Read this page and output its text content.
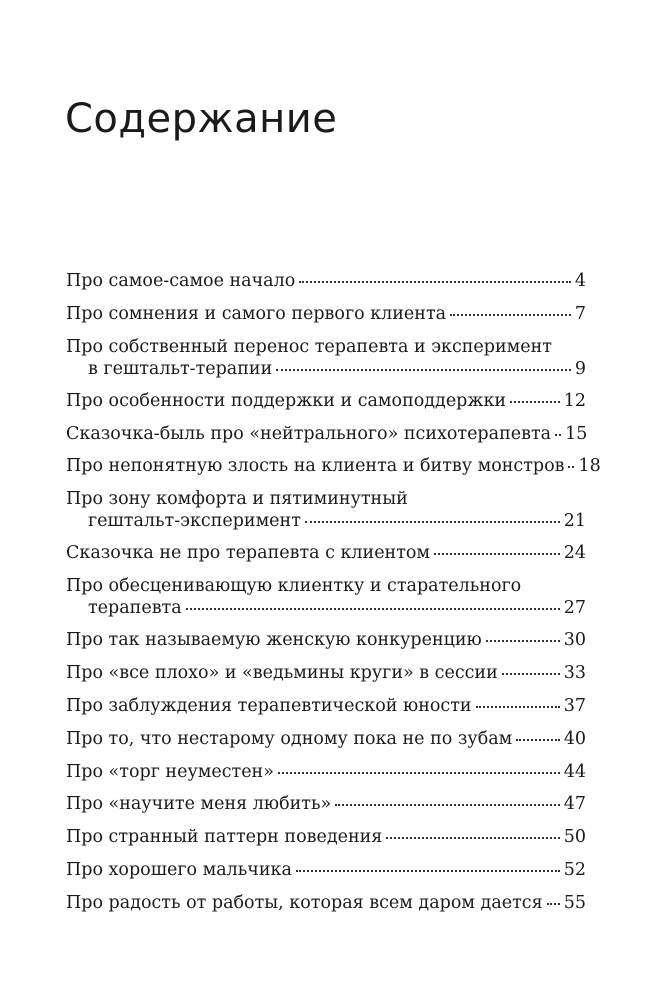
Содержание
Про самое-самое начало	4
Про сомнения и самого первого клиента	7
Про собственный перенос терапевта и эксперимент
в гештальт-терапии	9
Про особенности поддержки и самоподдержки	12
Сказочка-быль про «нейтрального» психотерапевта 15
Про непонятную злость на клиента и битву монстров 18
Про зону комфорта и пятиминутный
гештальт-эксперимент	21
Сказочка не про терапевта с клиентом	24
Про обесценивающую клиентку и старательного
терапевта	27
Про так называемую женскую конкуренцию	30
Про «все плохо» и «ведьмины круги» в сессии	33
Про заблуждения терапевтической юности	37
Про то, что нестарому одному пока не по зубам	40
Про «торг неуместен»	44
Про «научите меня любить»	47
Про странный паттерн поведения	50
Про хорошего мальчика	52
Про радость от работы, которая всем даром дается 55
